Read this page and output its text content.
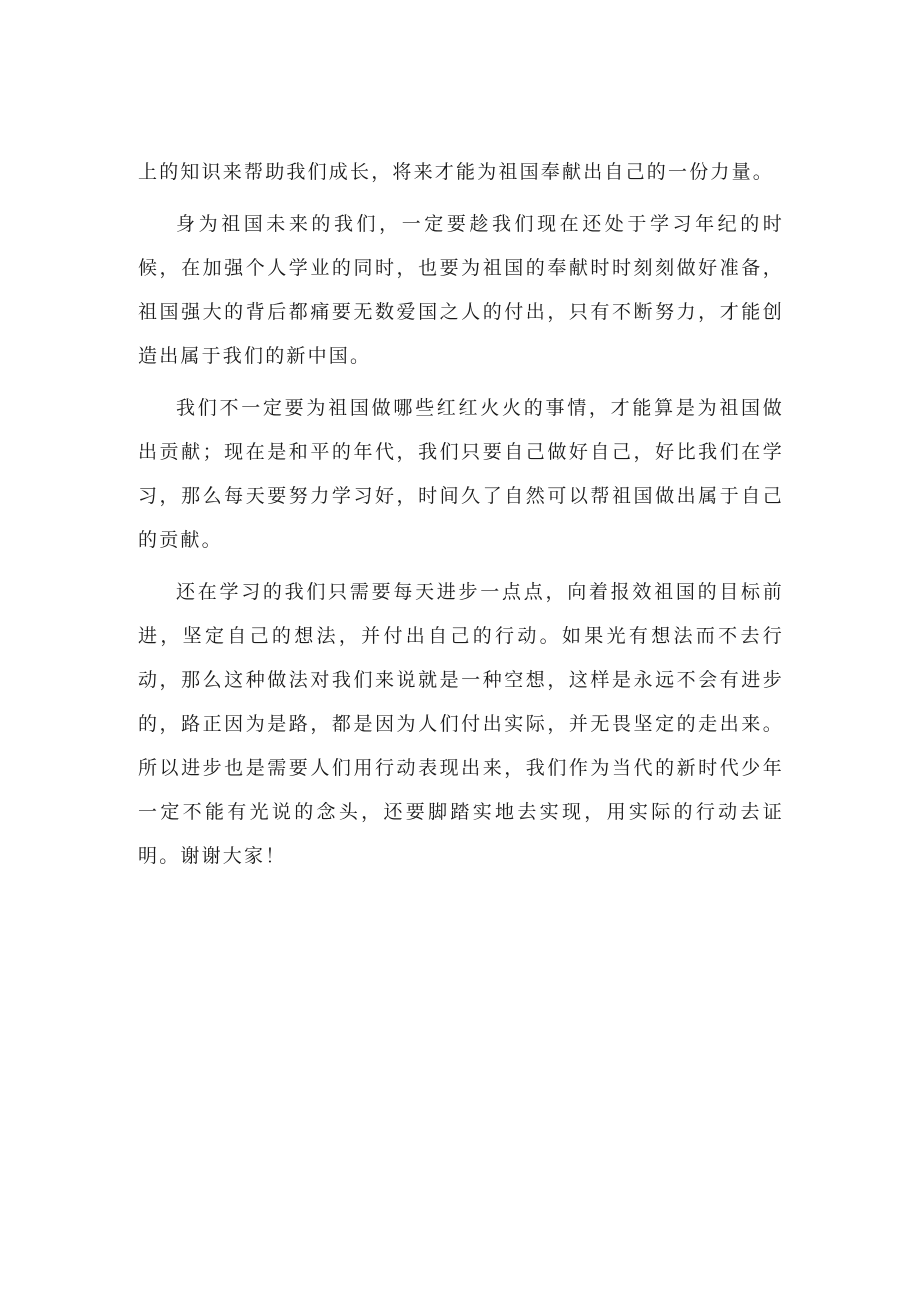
上的知识来帮助我们成长，将来才能为祖国奉献出自己的一份力量。

身为祖国未来的我们，一定要趁我们现在还处于学习年纪的时候，在加强个人学业的同时，也要为祖国的奉献时时刻刻做好准备，祖国强大的背后都痛要无数爱国之人的付出，只有不断努力，才能创造出属于我们的新中国。

我们不一定要为祖国做哪些红红火火的事情，才能算是为祖国做出贡献；现在是和平的年代，我们只要自己做好自己，好比我们在学习，那么每天要努力学习好，时间久了自然可以帮祖国做出属于自己的贡献。

还在学习的我们只需要每天进步一点点，向着报效祖国的目标前进，坚定自己的想法，并付出自己的行动。如果光有想法而不去行动，那么这种做法对我们来说就是一种空想，这样是永远不会有进步的，路正因为是路，都是因为人们付出实际，并无畏坚定的走出来。所以进步也是需要人们用行动表现出来，我们作为当代的新时代少年一定不能有光说的念头，还要脚踏实地去实现，用实际的行动去证明。谢谢大家！
